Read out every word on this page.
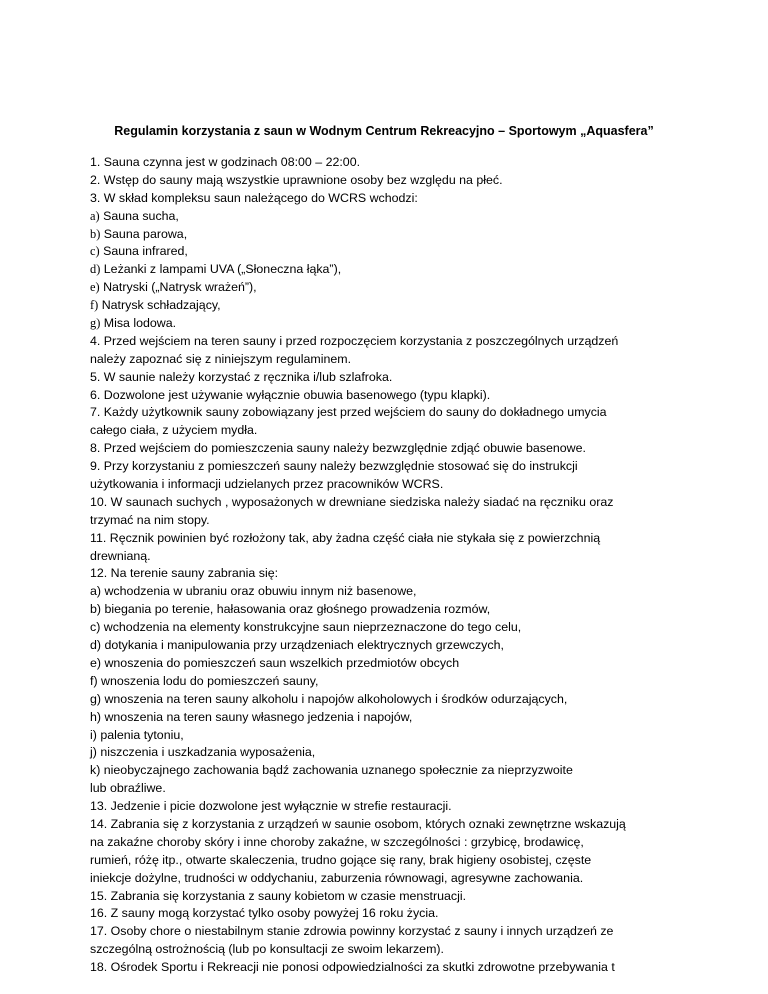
Regulamin korzystania z saun w Wodnym Centrum Rekreacyjno – Sportowym „Aquasfera”
1. Sauna czynna jest w godzinach 08:00 – 22:00.
2. Wstęp do sauny mają wszystkie uprawnione osoby bez względu na płeć.
3. W skład kompleksu saun należącego do WCRS wchodzi:
a) Sauna sucha,
b) Sauna parowa,
c) Sauna infrared,
d) Leżanki z lampami UVA („Słoneczna łąka”),
e) Natryski („Natrysk wrażeń”),
f) Natrysk schładzający,
g) Misa lodowa.
4. Przed wejściem na teren sauny i przed rozpoczęciem korzystania z poszczególnych urządzeń
należy zapoznać się z niniejszym regulaminem.
5. W saunie należy korzystać z ręcznika i/lub szlafroka.
6. Dozwolone jest używanie wyłącznie obuwia basenowego (typu klapki).
7. Każdy użytkownik sauny zobowiązany jest przed wejściem do sauny do dokładnego umycia
całego ciała, z użyciem mydła.
8. Przed wejściem do pomieszczenia sauny należy bezwzględnie zdjąć obuwie basenowe.
9. Przy korzystaniu z pomieszczeń sauny należy bezwzględnie stosować się do instrukcji
użytkowania i informacji udzielanych przez pracowników WCRS.
10. W saunach suchych , wyposażonych w drewniane siedziska należy siadać na ręczniku oraz
trzymać na nim stopy.
11. Ręcznik powinien być rozłożony tak, aby żadna część ciała nie stykała się z powierzchnią
drewnianą.
12. Na terenie sauny zabrania się:
a) wchodzenia w ubraniu oraz obuwiu innym niż basenowe,
b) biegania po terenie, hałasowania oraz głośnego prowadzenia rozmów,
c) wchodzenia na elementy konstrukcyjne saun nieprzeznaczone do tego celu,
d) dotykania i manipulowania przy urządzeniach elektrycznych grzewczych,
e) wnoszenia do pomieszczeń saun wszelkich przedmiotów obcych
f) wnoszenia lodu do pomieszczeń sauny,
g) wnoszenia na teren sauny alkoholu i napojów alkoholowych i środków odurzających,
h) wnoszenia na teren sauny własnego jedzenia i napojów,
i) palenia tytoniu,
j) niszczenia i uszkadzania wyposażenia,
k) nieobyczajnego zachowania bądź zachowania uznanego społecznie za nieprzyzwoite
lub obraźliwe.
13. Jedzenie i picie dozwolone jest wyłącznie w strefie restauracji.
14. Zabrania się z korzystania z urządzeń w saunie osobom, których oznaki zewnętrzne wskazują
na zakaźne choroby skóry i inne choroby zakaźne, w szczególności : grzybicę, brodawicę,
rumień, różę itp., otwarte skaleczenia, trudno gojące się rany, brak higieny osobistej, częste
iniekcje dożylne, trudności w oddychaniu, zaburzenia równowagi, agresywne zachowania.
15. Zabrania się korzystania z sauny kobietom w czasie menstruacji.
16. Z sauny mogą korzystać tylko osoby powyżej 16 roku życia.
17. Osoby chore o niestabilnym stanie zdrowia powinny korzystać z sauny i innych urządzeń ze
szczególną ostrożnością (lub po konsultacji ze swoim lekarzem).
18. Ośrodek Sportu i Rekreacji nie ponosi odpowiedzialności za skutki zdrowotne przebywania t
